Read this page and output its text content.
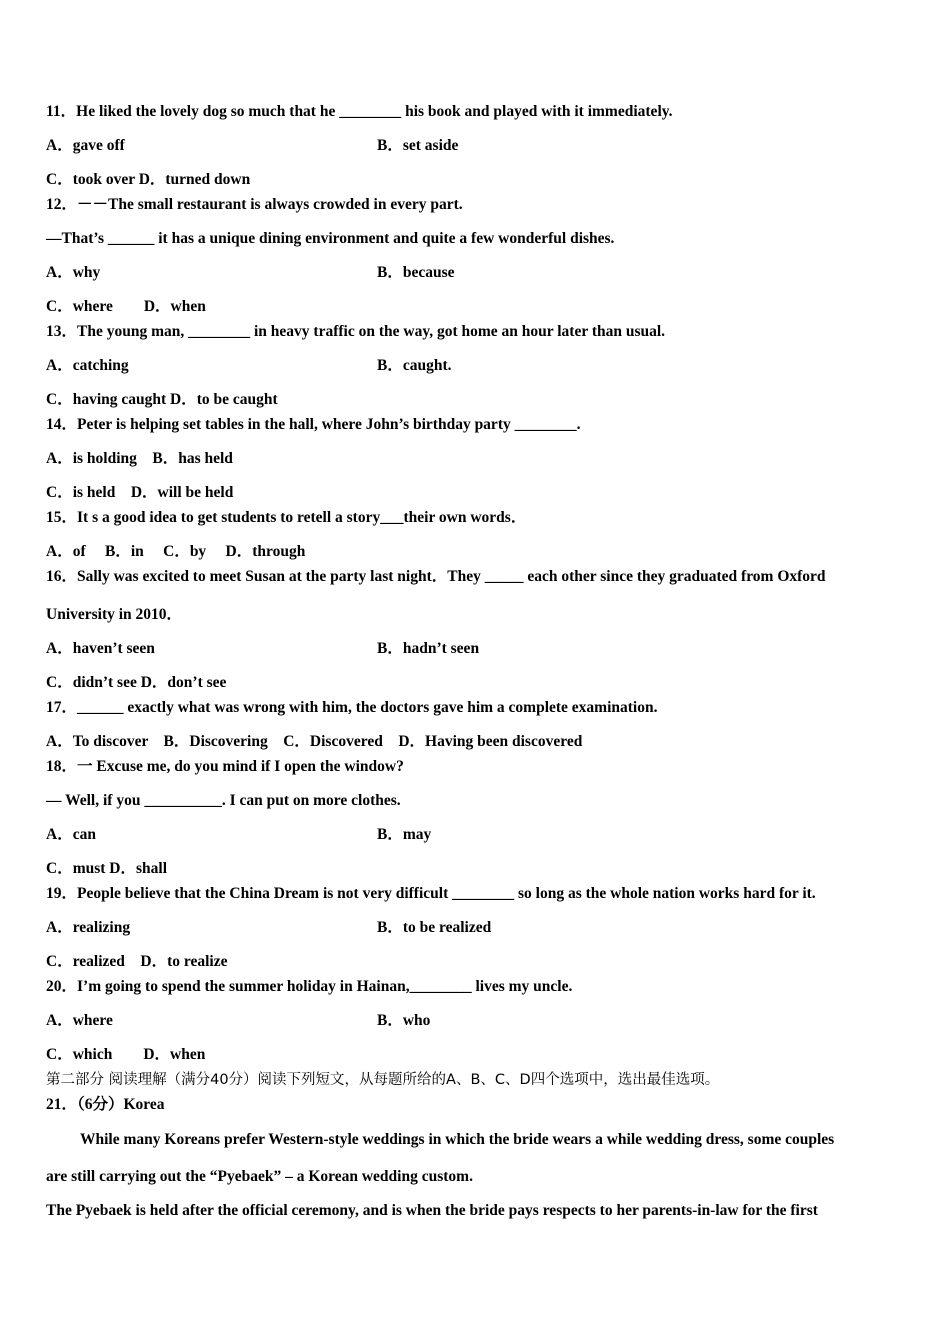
11．He liked the lovely dog so much that he ________ his book and played with it immediately.
A．gave off	B．set aside
C．took over D．turned down
12．－－The small restaurant is always crowded in every part.
—That’s ______ it has a unique dining environment and quite a few wonderful dishes.
A．why	B．because
C．where　　D．when
13．The young man, ________ in heavy traffic on the way, got home an hour later than usual.
A．catching	B．caught.
C．having caught D．to be caught
14．Peter is helping set tables in the hall, where John’s birthday party ________.
A．is holding　B．has held
C．is held　D．will be held
15．It s a good idea to get students to retell a story___their own words．
A．of　 B．in　 C．by　 D．through
16．Sally was excited to meet Susan at the party last night．They _____ each other since they graduated from Oxford
University in 2010．
A．haven’t seen	B．hadn’t seen
C．didn’t see D．don’t see
17．______ exactly what was wrong with him, the doctors gave him a complete examination.
A．To discover　B．Discovering　C．Discovered　D．Having been discovered
18．一 Excuse me, do you mind if I open the window?
— Well, if you __________. I can put on more clothes.
A．can	B．may
C．must D．shall
19．People believe that the China Dream is not very difficult ________ so long as the whole nation works hard for it.
A．realizing	B．to be realized
C．realized　D．to realize
20．I’m going to spend the summer holiday in Hainan,________ lives my uncle.
A．where	B．who
C．which　　D．when
第二部分 阅读理解（满分40分）阅读下列短文，从每题所给的A、B、C、D四个选项中，选出最佳选项。
21．（6分）Korea
While many Koreans prefer Western-style weddings in which the bride wears a while wedding dress, some couples
are still carrying out the “Pyebaek” – a Korean wedding custom.
The Pyebaek is held after the official ceremony, and is when the bride pays respects to her parents-in-law for the first
